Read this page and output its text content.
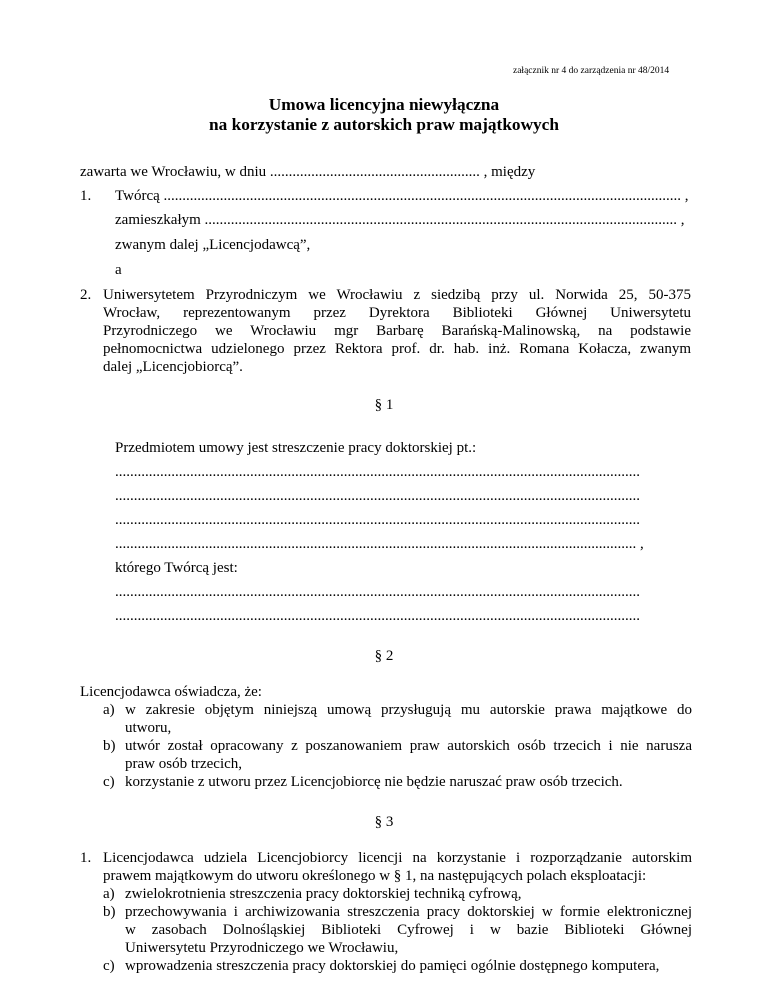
załącznik nr 4 do zarządzenia nr 48/2014
Umowa licencyjna niewyłączna
na korzystanie z autorskich praw majątkowych
zawarta we Wrocławiu, w dniu ........................................................ , między
1. Twórcą .......................................................................................................................................... ,
zamieszkałym .............................................................................................................................. ,
zwanym dalej „Licencjodawcą”,
a
2. Uniwersytetem Przyrodniczym we Wrocławiu z siedzibą przy ul. Norwida 25, 50-375
Wrocław, reprezentowanym przez Dyrektora Biblioteki Głównej Uniwersytetu
Przyrodniczego we Wrocławiu mgr Barbarę Barańską-Malinowską, na podstawie
pełnomocnictwa udzielonego przez Rektora prof. dr. hab. inż. Romana Kołacza, zwanym
dalej „Licencjobiorcą”.
§ 1
Przedmiotem umowy jest streszczenie pracy doktorskiej pt.:
............................................................................................................................................
............................................................................................................................................
............................................................................................................................................
........................................................................................................................................... ,
którego Twórcą jest:
............................................................................................................................................
............................................................................................................................................
§ 2
Licencjodawca oświadcza, że:
a) w zakresie objętym niniejszą umową przysługują mu autorskie prawa majątkowe do
utworu,
b) utwór został opracowany z poszanowaniem praw autorskich osób trzecich i nie narusza
praw osób trzecich,
c) korzystanie z utworu przez Licencjobiorcę nie będzie naruszać praw osób trzecich.
§ 3
1. Licencjodawca udziela Licencjobiorcy licencji na korzystanie i rozporządzanie autorskim
prawem majątkowym do utworu określonego w § 1, na następujących polach eksploatacji:
a) zwielokrotnienia streszczenia pracy doktorskiej techniką cyfrową,
b) przechowywania i archiwizowania streszczenia pracy doktorskiej w formie elektronicznej
w zasobach Dolnośląskiej Biblioteki Cyfrowej i w bazie Biblioteki Głównej
Uniwersytetu Przyrodniczego we Wrocławiu,
c) wprowadzenia streszczenia pracy doktorskiej do pamięci ogólnie dostępnego komputera,
